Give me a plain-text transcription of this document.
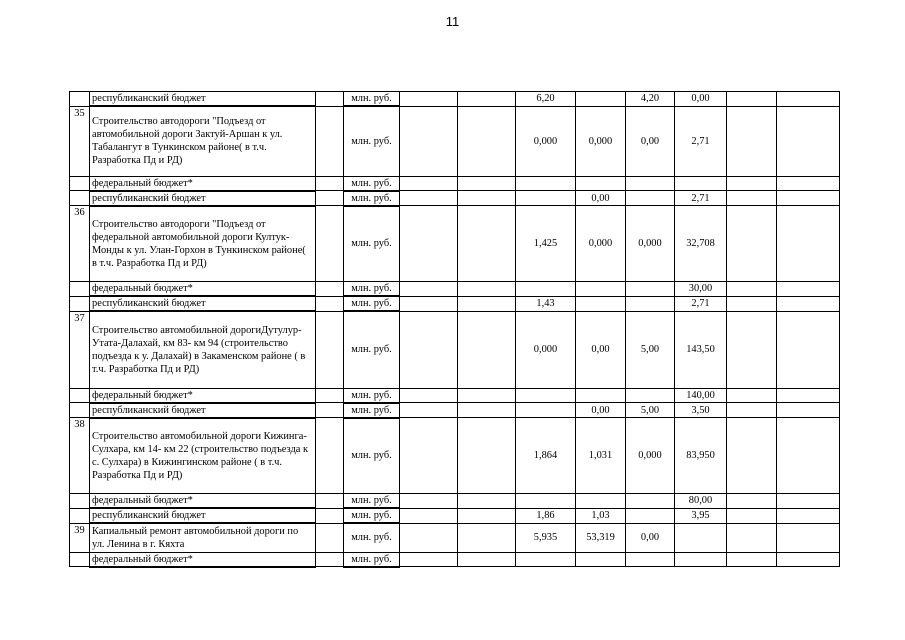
11
	республиканский бюджет		млн. руб.			6,20		4,20	0,00		
35	Строительство автодороги "Подъезд от автомобильной дороги Зактуй-Аршан к ул. Табалангут в Тункинском районе( в т.ч. Разработка Пд и РД)		млн. руб.			0,000	0,000	0,00	2,71		
	федеральный бюджет*		млн. руб.								
	республиканский бюджет		млн. руб.				0,00		2,71		
36	Строительство автодороги "Подъезд от федеральной автомобильной дороги Култук-Монды к ул. Улан-Горхон в Тункинском районе( в т.ч. Разработка Пд и РД)		млн. руб.			1,425	0,000	0,000	32,708		
	федеральный бюджет*		млн. руб.						30,00		
	республиканский бюджет		млн. руб.			1,43			2,71		
37	Строительство автомобильной дорогиДутулур-Утата-Далахай, км 83- км 94 (строительство подъезда к у. Далахай) в Закаменском районе ( в т.ч. Разработка Пд и РД)		млн. руб.			0,000	0,00	5,00	143,50		
	федеральный бюджет*		млн. руб.						140,00		
	республиканский бюджет		млн. руб.				0,00	5,00	3,50		
38	Строительство автомобильной дороги Кижинга-Сулхара, км 14- км 22 (строительство подъезда к с. Сулхара) в Кижингинском районе ( в т.ч. Разработка Пд и РД)		млн. руб.			1,864	1,031	0,000	83,950		
	федеральный бюджет*		млн. руб.						80,00		
	республиканский бюджет		млн. руб.			1,86	1,03		3,95		
39	Капиальный ремонт автомобильной дороги по ул. Ленина в г. Кяхта		млн. руб.			5,935	53,319	0,00			
	федеральный бюджет*		млн. руб.								
